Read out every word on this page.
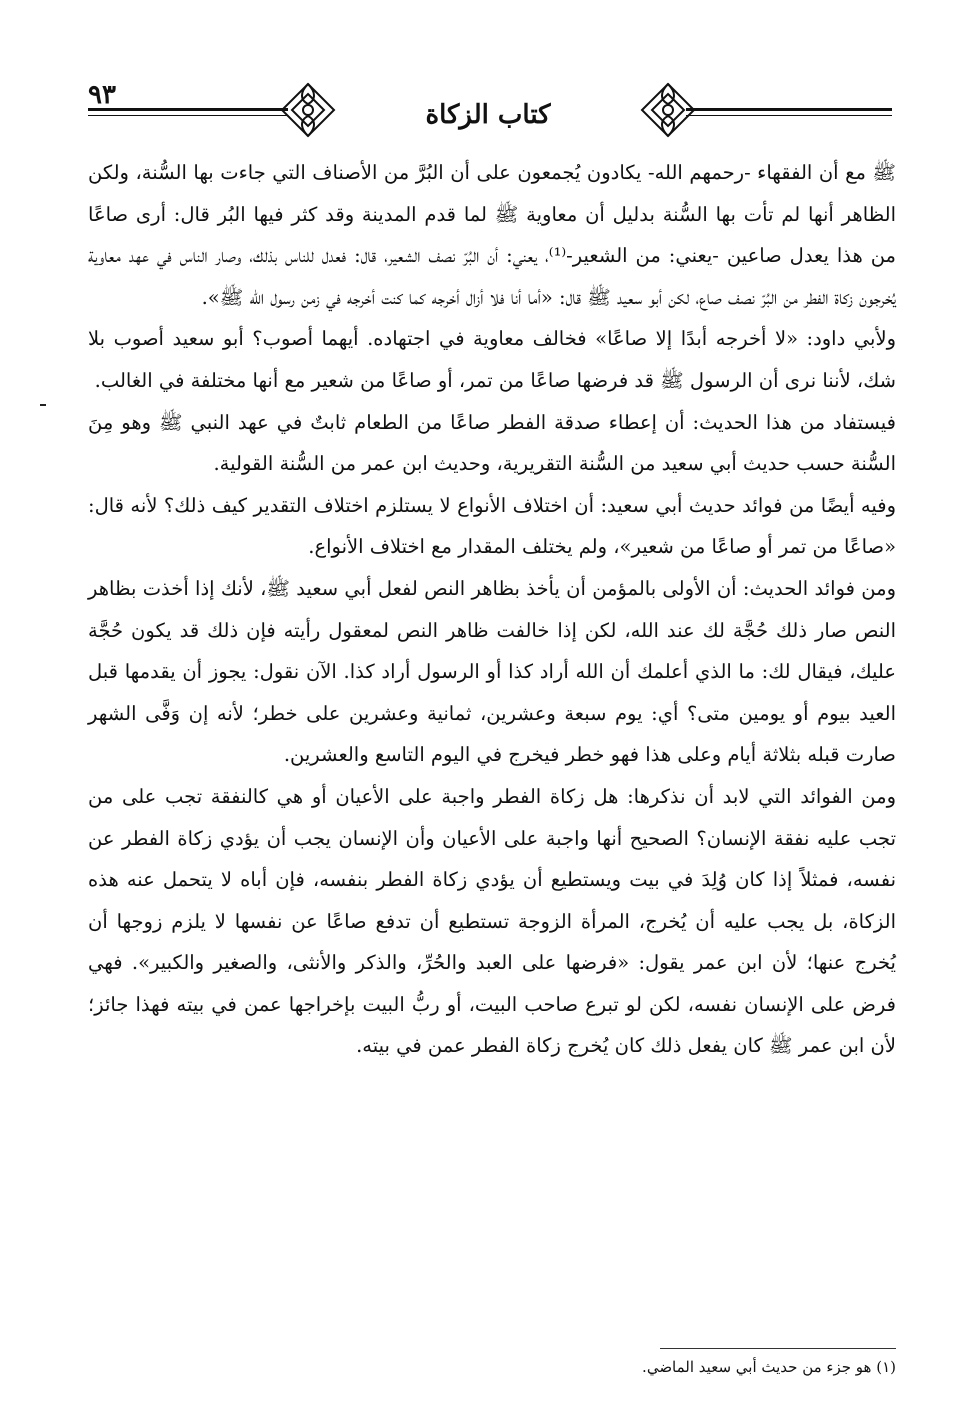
٩٣
كتاب الزكاة

ﷺ مع أن الفقهاء -رحمهم الله- يكادون يُجمعون على أن البُرَّ من الأصناف التي جاءت بها السُّنة، ولكن الظاهر أنها لم تأت بها السُّنة بدليل أن معاوية ﷺ لما قدم المدينة وقد كثر فيها البُر قال: أرى صاعًا من هذا يعدل صاعين -يعني: من الشعير-⁽¹⁾، يعني: أن البُرّ نصف الشعير، قال: فعدل للناس بذلك، وصار الناس في عهد معاوية يُخرجون زكاة الفطر من البُرّ نصف صاع، لكن أبو سعيد ﷺ قال: «أما أنا فلا أزال أخرجه كما كنت أخرجه في زمن رسول الله ﷺ».

ولأبي داود: «لا أخرجه أبدًا إلا صاعًا» فخالف معاوية في اجتهاده. أيهما أصوب؟ أبو سعيد أصوب بلا شك، لأننا نرى أن الرسول ﷺ قد فرضها صاعًا من تمر، أو صاعًا من شعير مع أنها مختلفة في الغالب.

فيستفاد من هذا الحديث: أن إعطاء صدقة الفطر صاعًا من الطعام ثابتٌ في عهد النبي ﷺ وهو مِنَ السُّنة حسب حديث أبي سعيد من السُّنة التقريرية، وحديث ابن عمر من السُّنة القولية.

وفيه أيضًا من فوائد حديث أبي سعيد: أن اختلاف الأنواع لا يستلزم اختلاف التقدير كيف ذلك؟ لأنه قال: «صاعًا من تمر أو صاعًا من شعير»، ولم يختلف المقدار مع اختلاف الأنواع.

ومن فوائد الحديث: أن الأولى بالمؤمن أن يأخذ بظاهر النص لفعل أبي سعيد ﷺ، لأنك إذا أخذت بظاهر النص صار ذلك حُجَّة لك عند الله، لكن إذا خالفت ظاهر النص لمعقول رأيته فإن ذلك قد يكون حُجَّة عليك، فيقال لك: ما الذي أعلمك أن الله أراد كذا أو الرسول أراد كذا. الآن نقول: يجوز أن يقدمها قبل العيد بيوم أو يومين متى؟ أي: يوم سبعة وعشرين، ثمانية وعشرين على خطر؛ لأنه إن وَفَّى الشهر صارت قبله بثلاثة أيام وعلى هذا فهو خطر فيخرج في اليوم التاسع والعشرين.

ومن الفوائد التي لابد أن نذكرها: هل زكاة الفطر واجبة على الأعيان أو هي كالنفقة تجب على من تجب عليه نفقة الإنسان؟ الصحيح أنها واجبة على الأعيان وأن الإنسان يجب أن يؤدي زكاة الفطر عن نفسه، فمثلاً إذا كان وُلِدَ في بيت ويستطيع أن يؤدي زكاة الفطر بنفسه، فإن أباه لا يتحمل عنه هذه الزكاة، بل يجب عليه أن يُخرج، المرأة الزوجة تستطيع أن تدفع صاعًا عن نفسها لا يلزم زوجها أن يُخرج عنها؛ لأن ابن عمر يقول: «فرضها على العبد والحُرِّ، والذكر والأنثى، والصغير والكبير». فهي فرض على الإنسان نفسه، لكن لو تبرع صاحب البيت، أو ربُّ البيت بإخراجها عمن في بيته فهذا جائز؛ لأن ابن عمر ﷺ كان يفعل ذلك كان يُخرج زكاة الفطر عمن في بيته.

(١) هو جزء من حديث أبي سعيد الماضي.
